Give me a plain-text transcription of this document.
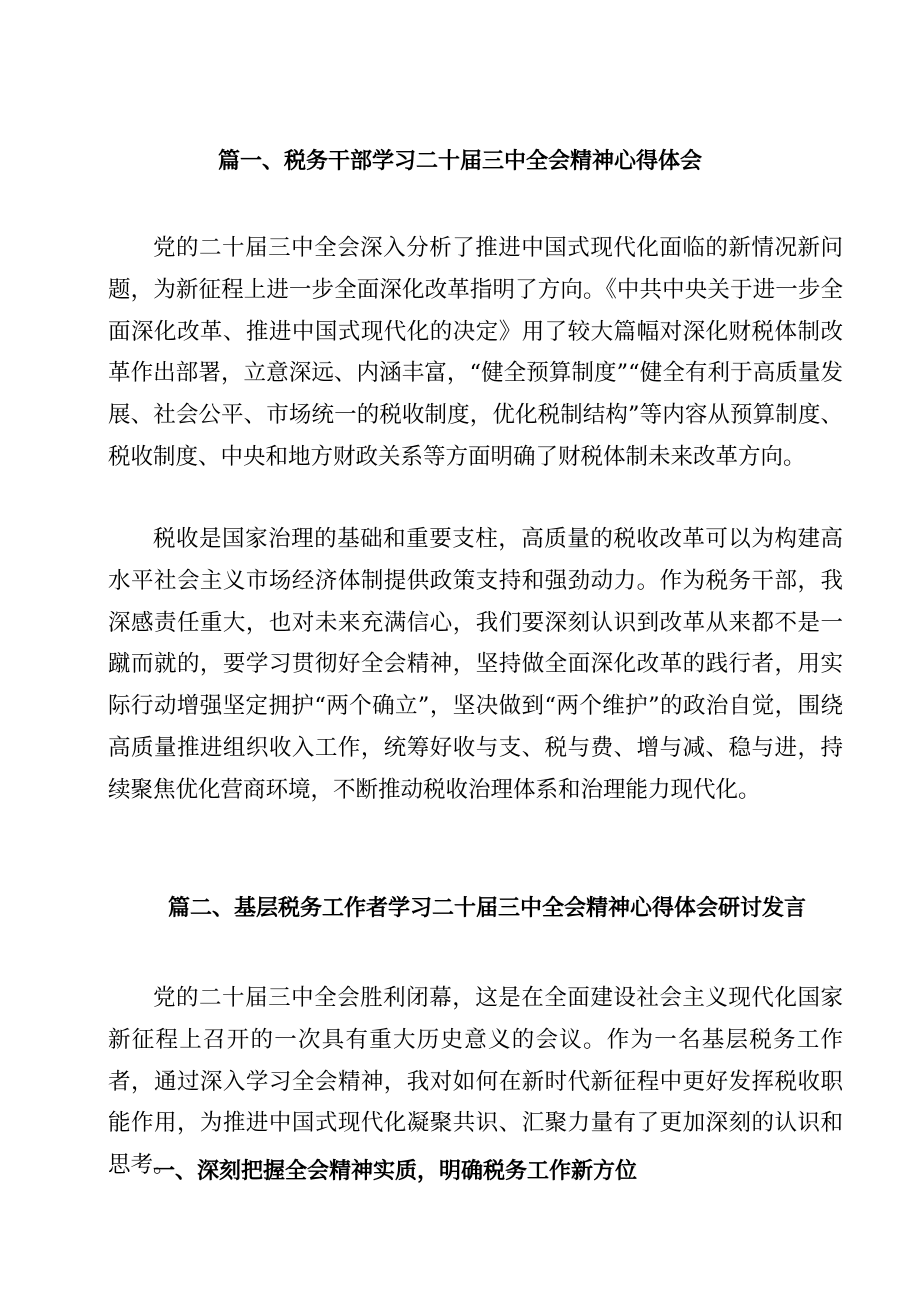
篇一、税务干部学习二十届三中全会精神心得体会
党的二十届三中全会深入分析了推进中国式现代化面临的新情况新问题，为新征程上进一步全面深化改革指明了方向。《中共中央关于进一步全面深化改革、推进中国式现代化的决定》用了较大篇幅对深化财税体制改革作出部署，立意深远、内涵丰富，“健全预算制度”“健全有利于高质量发展、社会公平、市场统一的税收制度，优化税制结构”等内容从预算制度、税收制度、中央和地方财政关系等方面明确了财税体制未来改革方向。
税收是国家治理的基础和重要支柱，高质量的税收改革可以为构建高水平社会主义市场经济体制提供政策支持和强劲动力。作为税务干部，我深感责任重大，也对未来充满信心，我们要深刻认识到改革从来都不是一蹴而就的，要学习贯彻好全会精神，坚持做全面深化改革的践行者，用实际行动增强坚定拥护“两个确立”，坚决做到“两个维护”的政治自觉，围绕高质量推进组织收入工作，统筹好收与支、税与费、增与减、稳与进，持续聚焦优化营商环境，不断推动税收治理体系和治理能力现代化。
篇二、基层税务工作者学习二十届三中全会精神心得体会研讨发言
党的二十届三中全会胜利闭幕，这是在全面建设社会主义现代化国家新征程上召开的一次具有重大历史意义的会议。作为一名基层税务工作者，通过深入学习全会精神，我对如何在新时代新征程中更好发挥税收职能作用，为推进中国式现代化凝聚共识、汇聚力量有了更加深刻的认识和思考。
一、深刻把握全会精神实质，明确税务工作新方位
